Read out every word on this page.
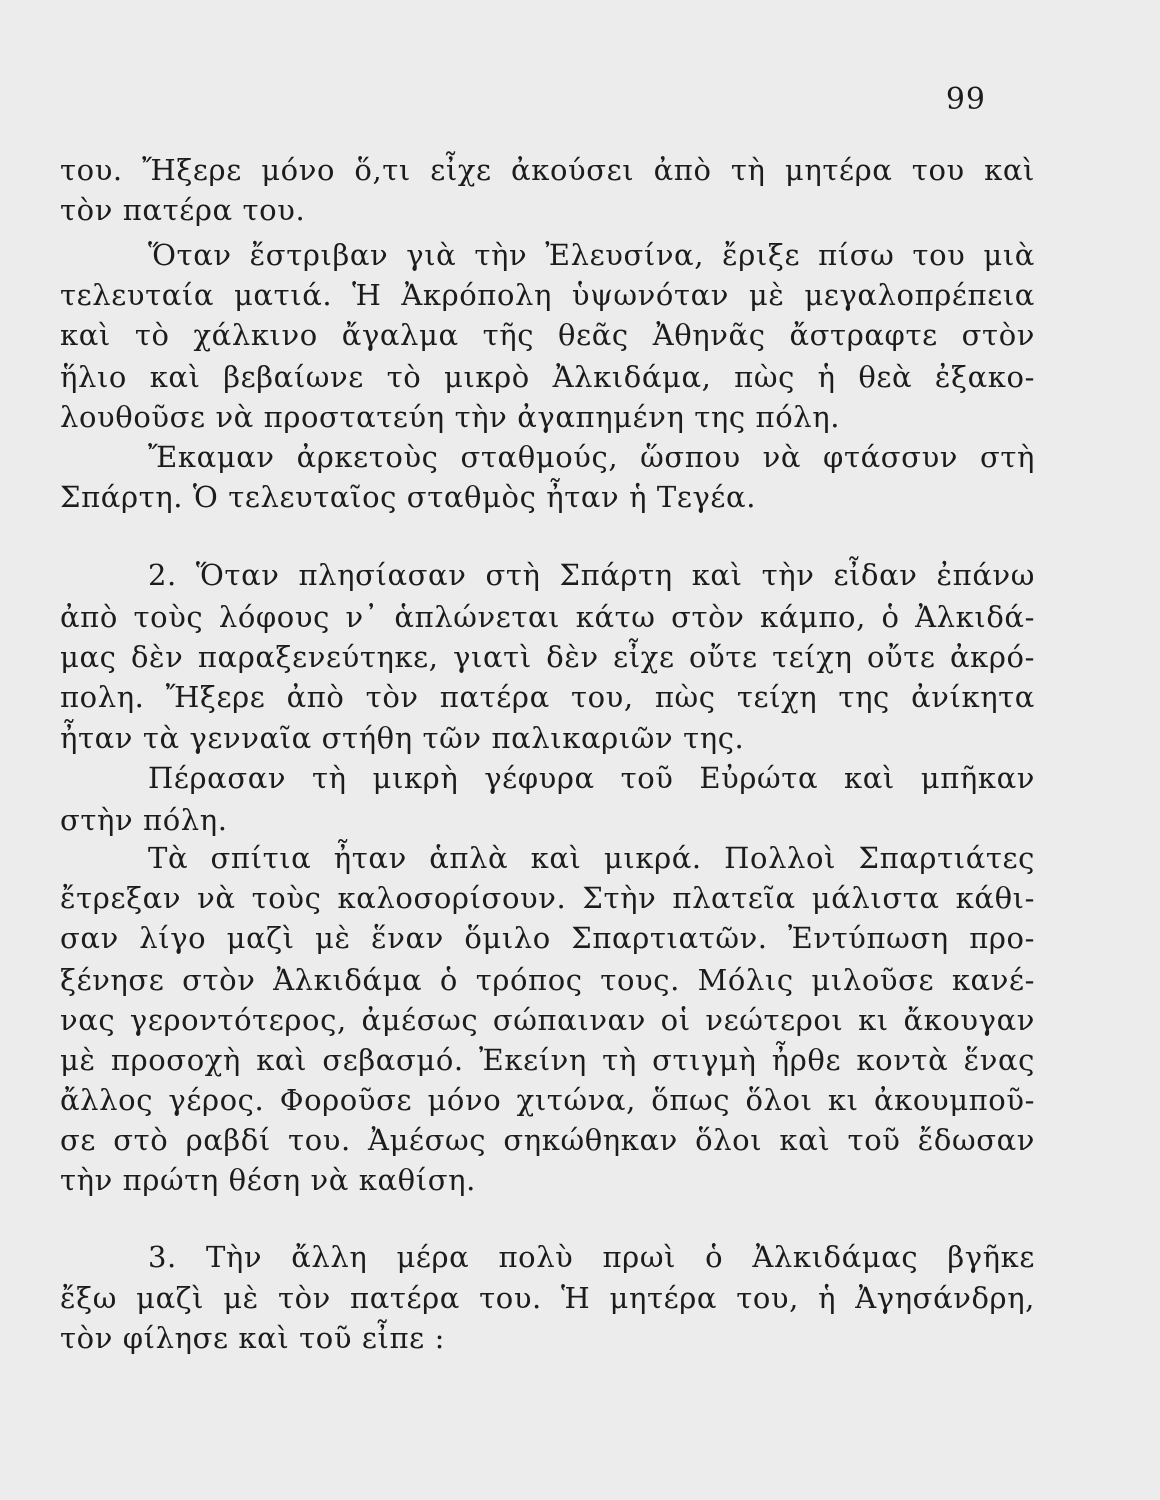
99
του. Ἤξερε μόνο ὅ,τι εἶχε ἀκούσει ἀπὸ τὴ μητέρα του καὶ
τὸν πατέρα του.
Ὅταν ἔστριβαν γιὰ τὴν Ἐλευσίνα, ἔριξε πίσω του μιὰ
τελευταία ματιά. Ἡ Ἀκρόπολη ὑψωνόταν μὲ μεγαλοπρέπεια
καὶ τὸ χάλκινο ἄγαλμα τῆς θεᾶς Ἀθηνᾶς ἄστραφτε στὸν
ἥλιο καὶ βεβαίωνε τὸ μικρὸ Ἀλκιδάμα, πὼς ἡ θεὰ ἐξακο-
λουθοῦσε νὰ προστατεύη τὴν ἀγαπημένη της πόλη.
Ἔκαμαν ἀρκετοὺς σταθμούς, ὥσπου νὰ φτάσσυν στὴ
Σπάρτη. Ὁ τελευταῖος σταθμὸς ἦταν ἡ Τεγέα.
2. Ὅταν πλησίασαν στὴ Σπάρτη καὶ τὴν εἶδαν ἐπάνω
ἀπὸ τοὺς λόφους ν᾽ ἁπλώνεται κάτω στὸν κάμπο, ὁ Ἀλκιδά-
μας δὲν παραξενεύτηκε, γιατὶ δὲν εἶχε οὔτε τείχη οὔτε ἀκρό-
πολη. Ἤξερε ἀπὸ τὸν πατέρα του, πὼς τείχη της ἀνίκητα
ἦταν τὰ γενναῖα στήθη τῶν παλικαριῶν της.
Πέρασαν τὴ μικρὴ γέφυρα τοῦ Εὐρώτα καὶ μπῆκαν
στὴν πόλη.
Τὰ σπίτια ἦταν ἁπλὰ καὶ μικρά. Πολλοὶ Σπαρτιάτες
ἔτρεξαν νὰ τοὺς καλοσορίσουν. Στὴν πλατεῖα μάλιστα κάθι-
σαν λίγο μαζὶ μὲ ἕναν ὅμιλο Σπαρτιατῶν. Ἐντύπωση προ-
ξένησε στὸν Ἀλκιδάμα ὁ τρόπος τους. Μόλις μιλοῦσε κανέ-
νας γεροντότερος, ἀμέσως σώπαιναν οἱ νεώτεροι κι ἄκουγαν
μὲ προσοχὴ καὶ σεβασμό. Ἐκείνη τὴ στιγμὴ ἦρθε κοντὰ ἕνας
ἄλλος γέρος. Φοροῦσε μόνο χιτώνα, ὅπως ὅλοι κι ἀκουμποῦ-
σε στὸ ραβδί του. Ἀμέσως σηκώθηκαν ὅλοι καὶ τοῦ ἔδωσαν
τὴν πρώτη θέση νὰ καθίση.
3. Τὴν ἄλλη μέρα πολὺ πρωὶ ὁ Ἀλκιδάμας βγῆκε
ἔξω μαζὶ μὲ τὸν πατέρα του. Ἡ μητέρα του, ἡ Ἀγησάνδρη,
τὸν φίλησε καὶ τοῦ εἶπε :
